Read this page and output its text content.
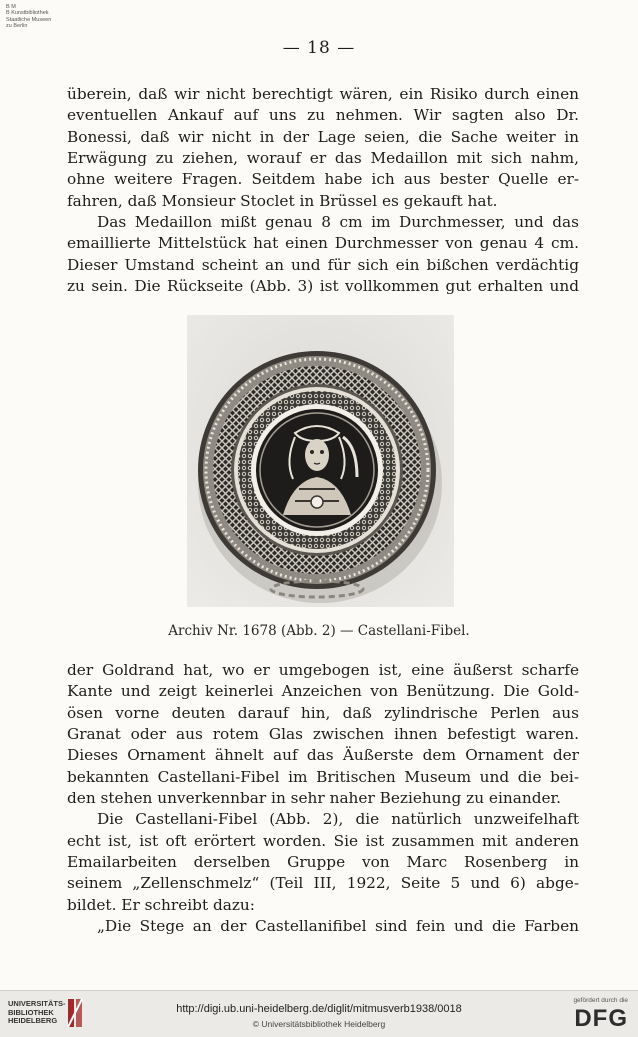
B M
B Kunstbibliothek
Staatliche Museen
zu Berlin
— 18 —
überein, daß wir nicht berechtigt wären, ein Risiko durch einen
eventuellen Ankauf auf uns zu nehmen. Wir sagten also Dr.
Bonessi, daß wir nicht in der Lage seien, die Sache weiter in
Erwägung zu ziehen, worauf er das Medaillon mit sich nahm,
ohne weitere Fragen. Seitdem habe ich aus bester Quelle er-
fahren, daß Monsieur Stoclet in Brüssel es gekauft hat.
Das Medaillon mißt genau 8 cm im Durchmesser, und das
emaillierte Mittelstück hat einen Durchmesser von genau 4 cm.
Dieser Umstand scheint an und für sich ein bißchen verdächtig
zu sein. Die Rückseite (Abb. 3) ist vollkommen gut erhalten und
Archiv Nr. 1678 (Abb. 2) — Castellani-Fibel.
der Goldrand hat, wo er umgebogen ist, eine äußerst scharfe
Kante und zeigt keinerlei Anzeichen von Benützung. Die Gold-
ösen vorne deuten darauf hin, daß zylindrische Perlen aus
Granat oder aus rotem Glas zwischen ihnen befestigt waren.
Dieses Ornament ähnelt auf das Äußerste dem Ornament der
bekannten Castellani-Fibel im Britischen Museum und die bei-
den stehen unverkennbar in sehr naher Beziehung zu einander.
Die Castellani-Fibel (Abb. 2), die natürlich unzweifelhaft
echt ist, ist oft erörtert worden. Sie ist zusammen mit anderen
Emailarbeiten derselben Gruppe von Marc Rosenberg in
seinem „Zellenschmelz“ (Teil III, 1922, Seite 5 und 6) abge-
bildet. Er schreibt dazu:
„Die Stege an der Castellanifibel sind fein und die Farben
UNIVERSITÄTS-
BIBLIOTHEK
HEIDELBERG
http://digi.ub.uni-heidelberg.de/diglit/mitmusverb1938/0018
© Universitätsbibliothek Heidelberg
gefördert durch die
DFG
